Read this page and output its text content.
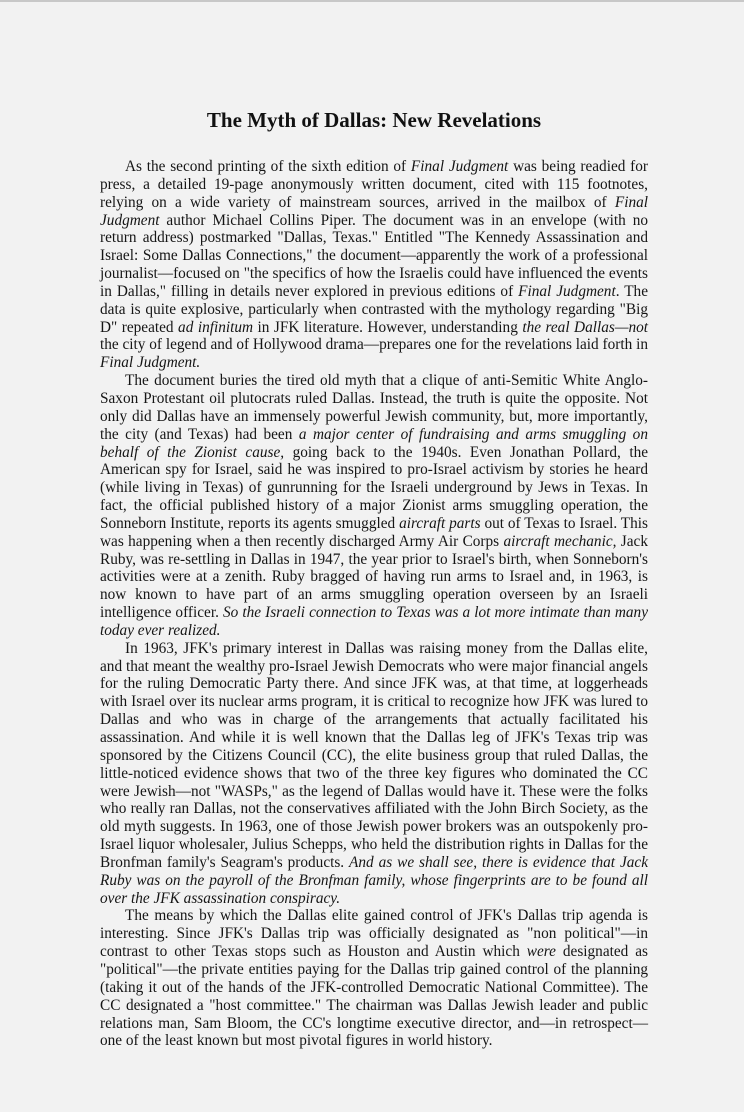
The Myth of Dallas: New Revelations

As the second printing of the sixth edition of Final Judgment was being readied for press, a detailed 19-page anonymously written document, cited with 115 footnotes, relying on a wide variety of mainstream sources, arrived in the mailbox of Final Judgment author Michael Collins Piper. The document was in an envelope (with no return address) postmarked "Dallas, Texas." Entitled "The Kennedy Assassination and Israel: Some Dallas Connections," the document—apparently the work of a professional journalist—focused on "the specifics of how the Israelis could have influenced the events in Dallas," filling in details never explored in previous editions of Final Judgment. The data is quite explosive, particularly when contrasted with the mythology regarding "Big D" repeated ad infinitum in JFK literature. However, understanding the real Dallas—not the city of legend and of Hollywood drama—prepares one for the revelations laid forth in Final Judgment.

The document buries the tired old myth that a clique of anti-Semitic White Anglo-Saxon Protestant oil plutocrats ruled Dallas. Instead, the truth is quite the opposite. Not only did Dallas have an immensely powerful Jewish community, but, more importantly, the city (and Texas) had been a major center of fundraising and arms smuggling on behalf of the Zionist cause, going back to the 1940s. Even Jonathan Pollard, the American spy for Israel, said he was inspired to pro-Israel activism by stories he heard (while living in Texas) of gunrunning for the Israeli underground by Jews in Texas. In fact, the official published history of a major Zionist arms smuggling operation, the Sonneborn Institute, reports its agents smuggled aircraft parts out of Texas to Israel. This was happening when a then recently discharged Army Air Corps aircraft mechanic, Jack Ruby, was re-settling in Dallas in 1947, the year prior to Israel's birth, when Sonneborn's activities were at a zenith. Ruby bragged of having run arms to Israel and, in 1963, is now known to have part of an arms smuggling operation overseen by an Israeli intelligence officer. So the Israeli connection to Texas was a lot more intimate than many today ever realized.

In 1963, JFK's primary interest in Dallas was raising money from the Dallas elite, and that meant the wealthy pro-Israel Jewish Democrats who were major financial angels for the ruling Democratic Party there. And since JFK was, at that time, at loggerheads with Israel over its nuclear arms program, it is critical to recognize how JFK was lured to Dallas and who was in charge of the arrangements that actually facilitated his assassination. And while it is well known that the Dallas leg of JFK's Texas trip was sponsored by the Citizens Council (CC), the elite business group that ruled Dallas, the little-noticed evidence shows that two of the three key figures who dominated the CC were Jewish—not "WASPs," as the legend of Dallas would have it. These were the folks who really ran Dallas, not the conservatives affiliated with the John Birch Society, as the old myth suggests. In 1963, one of those Jewish power brokers was an outspokenly pro-Israel liquor wholesaler, Julius Schepps, who held the distribution rights in Dallas for the Bronfman family's Seagram's products. And as we shall see, there is evidence that Jack Ruby was on the payroll of the Bronfman family, whose fingerprints are to be found all over the JFK assassination conspiracy.

The means by which the Dallas elite gained control of JFK's Dallas trip agenda is interesting. Since JFK's Dallas trip was officially designated as "non political"—in contrast to other Texas stops such as Houston and Austin which were designated as "political"—the private entities paying for the Dallas trip gained control of the planning (taking it out of the hands of the JFK-controlled Democratic National Committee). The CC designated a "host committee." The chairman was Dallas Jewish leader and public relations man, Sam Bloom, the CC's longtime executive director, and—in retrospect—one of the least known but most pivotal figures in world history.
